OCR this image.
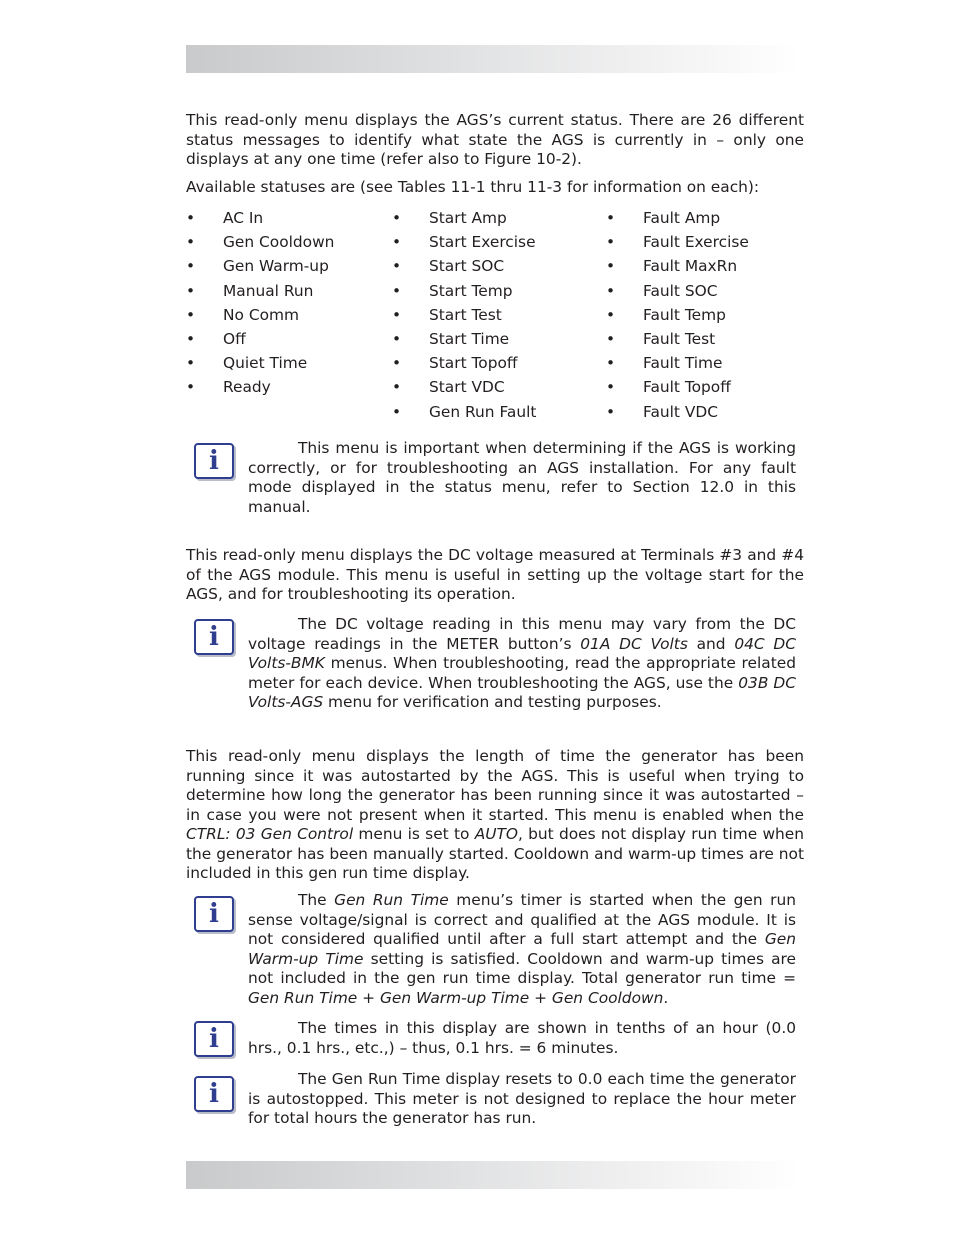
This read-only menu displays the AGS’s current status. There are 26 different status messages to identify what state the AGS is currently in – only one displays at any one time (refer also to Figure 10-2).

Available statuses are (see Tables 11-1 thru 11-3 for information on each):

• AC In
• Gen Cooldown
• Gen Warm-up
• Manual Run
• No Comm
• Off
• Quiet Time
• Ready
• Start Amp
• Start Exercise
• Start SOC
• Start Temp
• Start Test
• Start Time
• Start Topoff
• Start VDC
• Gen Run Fault
• Fault Amp
• Fault Exercise
• Fault MaxRn
• Fault SOC
• Fault Temp
• Fault Test
• Fault Time
• Fault Topoff
• Fault VDC
i	This menu is important when determining if the AGS is working correctly, or for troubleshooting an AGS installation. For any fault mode displayed in the status menu, refer to Section 12.0 in this manual.

This read-only menu displays the DC voltage measured at Terminals #3 and #4 of the AGS module. This menu is useful in setting up the voltage start for the AGS, and for troubleshooting its operation.

i	The DC voltage reading in this menu may vary from the DC voltage readings in the METER button’s 01A DC Volts and 04C DC Volts-BMK menus. When troubleshooting, read the appropriate related meter for each device. When troubleshooting the AGS, use the 03B DC Volts-AGS menu for verification and testing purposes.

This read-only menu displays the length of time the generator has been running since it was autostarted by the AGS. This is useful when trying to determine how long the generator has been running since it was autostarted – in case you were not present when it started. This menu is enabled when the CTRL: 03 Gen Control menu is set to AUTO, but does not display run time when the generator has been manually started. Cooldown and warm-up times are not included in this gen run time display.

i	The Gen Run Time menu’s timer is started when the gen run sense voltage/signal is correct and qualified at the AGS module. It is not considered qualified until after a full start attempt and the Gen Warm-up Time setting is satisfied. Cooldown and warm-up times are not included in the gen run time display. Total generator run time = Gen Run Time + Gen Warm-up Time + Gen Cooldown.

i	The times in this display are shown in tenths of an hour (0.0 hrs., 0.1 hrs., etc.,) – thus, 0.1 hrs. = 6 minutes.

i	The Gen Run Time display resets to 0.0 each time the generator is autostopped. This meter is not designed to replace the hour meter for total hours the generator has run.
